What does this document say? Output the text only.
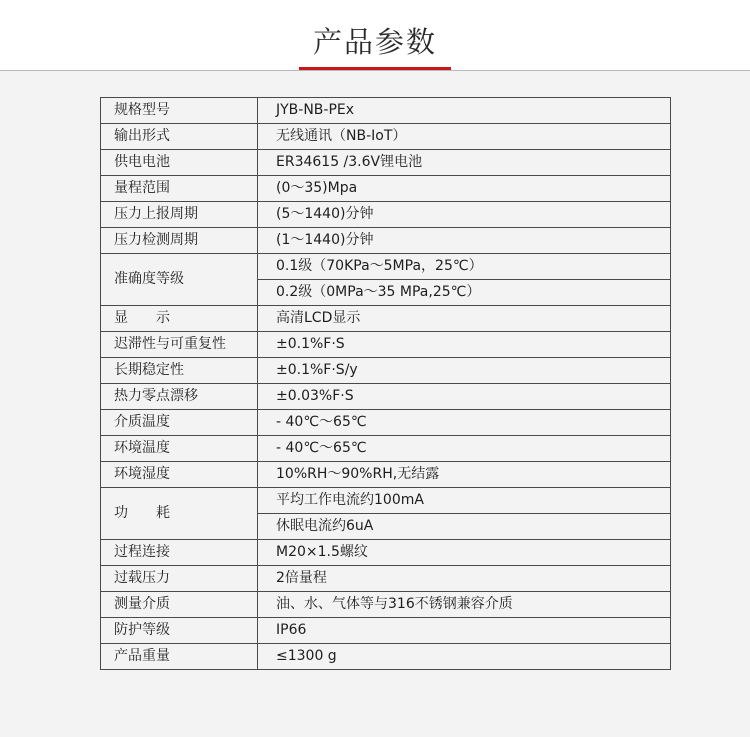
产品参数
规格型号	JYB-NB-PEx
输出形式	无线通讯（NB-IoT）
供电电池	ER34615 /3.6V锂电池
量程范围	(0～35)Mpa
压力上报周期	(5～1440)分钟
压力检测周期	(1～1440)分钟
准确度等级	0.1级（70KPa～5MPa，25℃）
	0.2级（0MPa～35 MPa,25℃）
显　　示	高清LCD显示
迟滞性与可重复性	±0.1%F·S
长期稳定性	±0.1%F·S/y
热力零点漂移	±0.03%F·S
介质温度	- 40℃～65℃
环境温度	- 40℃～65℃
环境湿度	10%RH～90%RH,无结露
功　　耗	平均工作电流约100mA
	休眠电流约6uA
过程连接	M20×1.5螺纹
过载压力	2倍量程
测量介质	油、水、气体等与316不锈钢兼容介质
防护等级	IP66
产品重量	≤1300 g
